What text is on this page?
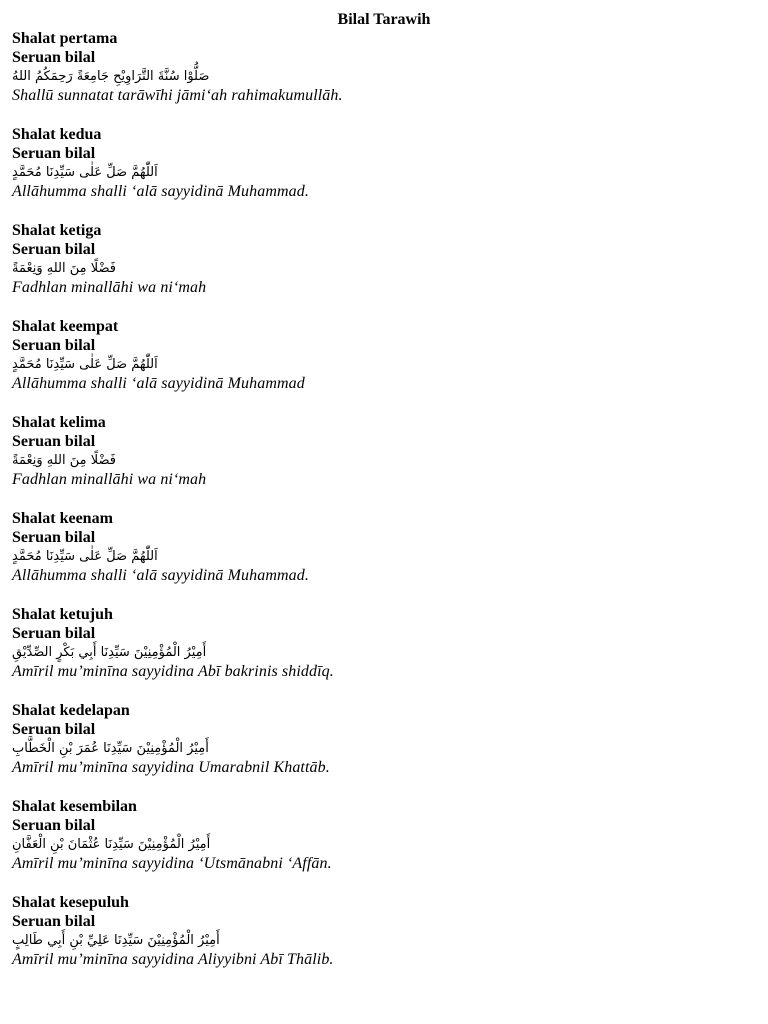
Bilal Tarawih
Shalat pertama
Seruan bilal
صَلُّوْا سُنَّةَ التَّرَاوِيْحِ جَامِعَةً رَحِمَكُمُ اللهُ
Shallū sunnatat tarāwīhi jāmi‘ah rahimakumullāh.
Shalat kedua
Seruan bilal
اَللّٰهُمَّ صَلِّ عَلٰى سَيِّدِنَا مُحَمَّدٍ
Allāhumma shalli ‘alā sayyidinā Muhammad.
Shalat ketiga
Seruan bilal
فَضْلًا مِنَ اللهِ وَنِعْمَةً
Fadhlan minallāhi wa ni‘mah
Shalat keempat
Seruan bilal
اَللّٰهُمَّ صَلِّ عَلٰى سَيِّدِنَا مُحَمَّدٍ
Allāhumma shalli ‘alā sayyidinā Muhammad
Shalat kelima
Seruan bilal
فَضْلًا مِنَ اللهِ وَنِعْمَةً
Fadhlan minallāhi wa ni‘mah
Shalat keenam
Seruan bilal
اَللّٰهُمَّ صَلِّ عَلٰى سَيِّدِنَا مُحَمَّدٍ
Allāhumma shalli ‘alā sayyidinā Muhammad.
Shalat ketujuh
Seruan bilal
أَمِيْرُ الْمُؤْمِنِيْنَ سَيِّدِنَا أَبِي بَكْرٍ الصِّدِّيْقِ
Amīril mu’minīna sayyidina Abī bakrinis shiddīq.
Shalat kedelapan
Seruan bilal
أَمِيْرُ الْمُؤْمِنِيْنَ سَيِّدِنَا عُمَرَ بْنِ الْخَطَّابِ
Amīril mu’minīna sayyidina Umarabnil Khattāb.
Shalat kesembilan
Seruan bilal
أَمِيْرُ الْمُؤْمِنِيْنَ سَيِّدِنَا عُثْمَانَ بْنِ الْعَفَّانِ
Amīril mu’minīna sayyidina ‘Utsmānabni ‘Affān.
Shalat kesepuluh
Seruan bilal
أَمِيْرُ الْمُؤْمِنِيْنَ سَيِّدِنَا عَلِيِّ بْنِ أَبِي طَالِبٍ
Amīril mu’minīna sayyidina Aliyyibni Abī Thālib.
